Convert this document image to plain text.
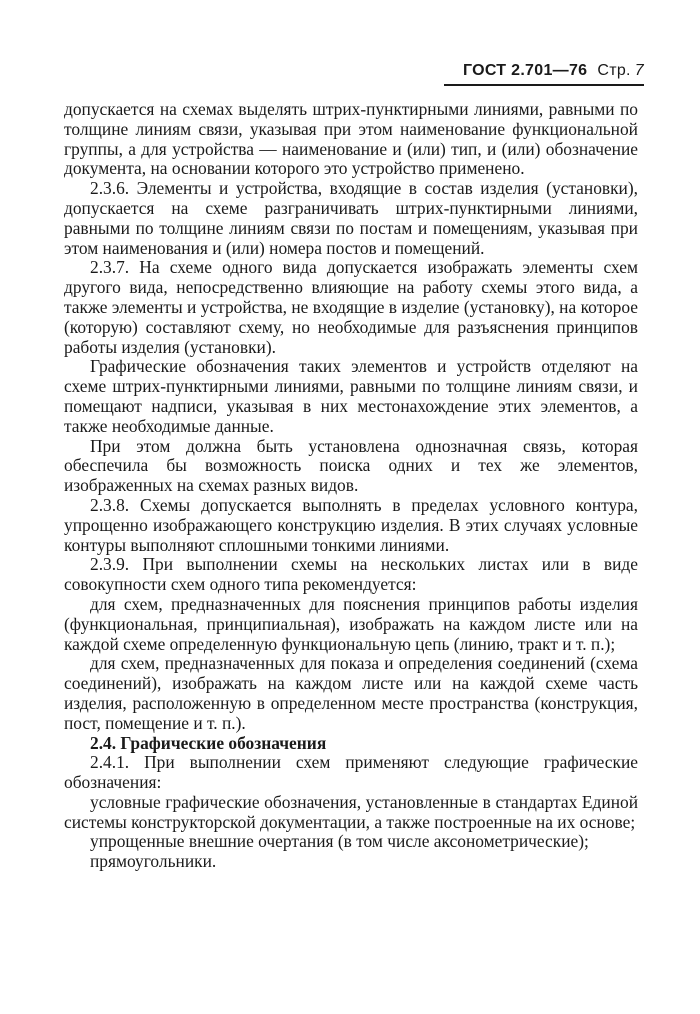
ГОСТ 2.701—76 Стр. 7

допускается на схемах выделять штрих-пунктирными линиями, равными по толщине линиям связи, указывая при этом наименование функциональной группы, а для устройства — наименование и (или) тип, и (или) обозначение документа, на основании которого это устройство применено.

2.3.6. Элементы и устройства, входящие в состав изделия (установки), допускается на схеме разграничивать штрих-пунктирными линиями, равными по толщине линиям связи по постам и помещениям, указывая при этом наименования и (или) номера постов и помещений.

2.3.7. На схеме одного вида допускается изображать элементы схем другого вида, непосредственно влияющие на работу схемы этого вида, а также элементы и устройства, не входящие в изделие (установку), на которое (которую) составляют схему, но необходимые для разъяснения принципов работы изделия (установки).

Графические обозначения таких элементов и устройств отделяют на схеме штрих-пунктирными линиями, равными по толщине линиям связи, и помещают надписи, указывая в них местонахождение этих элементов, а также необходимые данные.

При этом должна быть установлена однозначная связь, которая обеспечила бы возможность поиска одних и тех же элементов, изображенных на схемах разных видов.

2.3.8. Схемы допускается выполнять в пределах условного контура, упрощенно изображающего конструкцию изделия. В этих случаях условные контуры выполняют сплошными тонкими линиями.

2.3.9. При выполнении схемы на нескольких листах или в виде совокупности схем одного типа рекомендуется:

для схем, предназначенных для пояснения принципов работы изделия (функциональная, принципиальная), изображать на каждом листе или на каждой схеме определенную функциональную цепь (линию, тракт и т. п.);

для схем, предназначенных для показа и определения соединений (схема соединений), изображать на каждом листе или на каждой схеме часть изделия, расположенную в определенном месте пространства (конструкция, пост, помещение и т. п.).

2.4. Графические обозначения

2.4.1. При выполнении схем применяют следующие графические обозначения:

условные графические обозначения, установленные в стандартах Единой системы конструкторской документации, а также построенные на их основе;

упрощенные внешние очертания (в том числе аксонометрические);

прямоугольники.
